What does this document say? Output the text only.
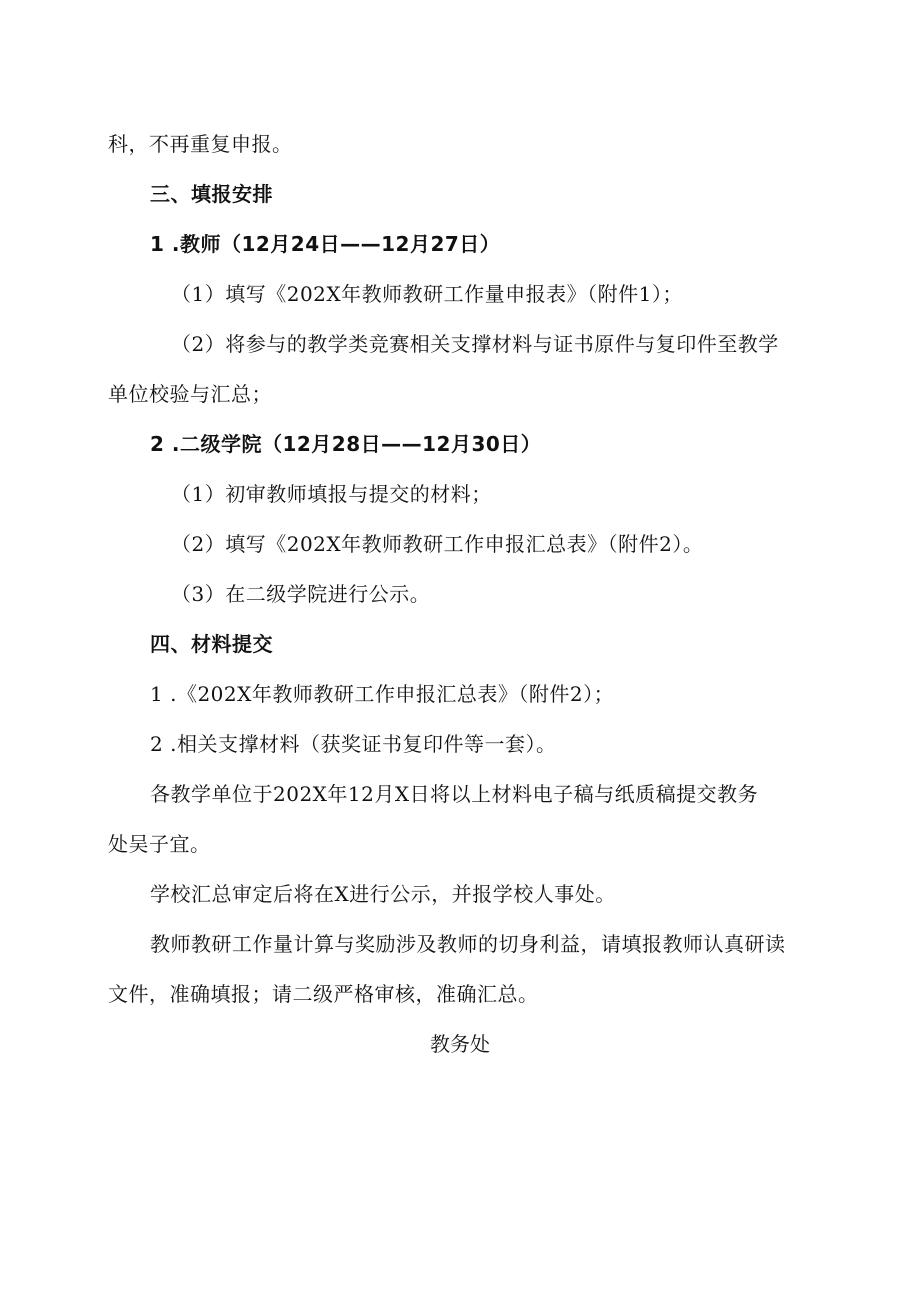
科，不再重复申报。
三、填报安排
1 .教师（12月24日——12月27日）
（1）填写《202X年教师教研工作量申报表》（附件1）；
（2）将参与的教学类竞赛相关支撑材料与证书原件与复印件至教学
单位校验与汇总；
2 .二级学院（12月28日——12月30日）
（1）初审教师填报与提交的材料；
（2）填写《202X年教师教研工作申报汇总表》（附件2）。
（3）在二级学院进行公示。
四、材料提交
1 .《202X年教师教研工作申报汇总表》（附件2）；
2 .相关支撑材料（获奖证书复印件等一套）。
各教学单位于202X年12月X日将以上材料电子稿与纸质稿提交教务
处吴子宜。
学校汇总审定后将在X进行公示，并报学校人事处。
教师教研工作量计算与奖励涉及教师的切身利益，请填报教师认真研读
文件，准确填报；请二级严格审核，准确汇总。
教务处
